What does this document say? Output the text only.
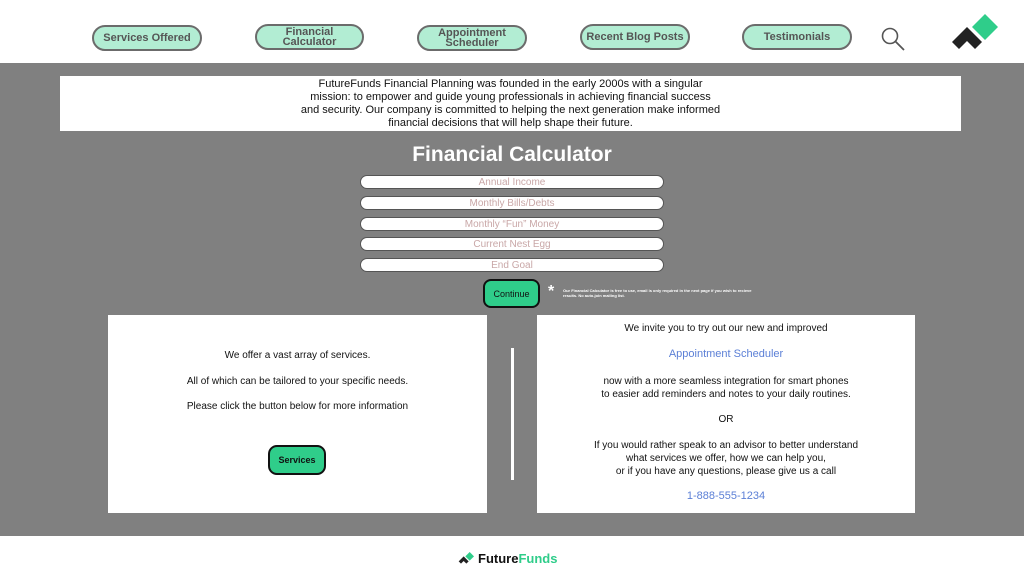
Services Offered	Financial Calculator
Appointment Scheduler	Recent Blog Posts	Testimonials
FutureFunds Financial Planning was founded in the early 2000s with a singular mission: to empower and guide young professionals in achieving financial success and security. Our company is committed to helping the next generation make informed financial decisions that will help shape their future.
Financial Calculator
Annual Income
Monthly Bills/Debts
Monthly “Fun” Money
Current Nest Egg
End Goal
Continue	* Our Financial Calculator is free to use, email is only required in the next page if you wish to recieve results. No auto-join mailing list.
We offer a vast array of services.
All of which can be tailored to your specific needs.
Please click the button below for more information
Services
We invite you to try out our new and improved
Appointment Scheduler
now with a more seamless integration for smart phones
to easier add reminders and notes to your daily routines.
OR
If you would rather speak to an advisor to better understand
what services we offer, how we can help you,
or if you have any questions, please give us a call
1-888-555-1234
FutureFunds
